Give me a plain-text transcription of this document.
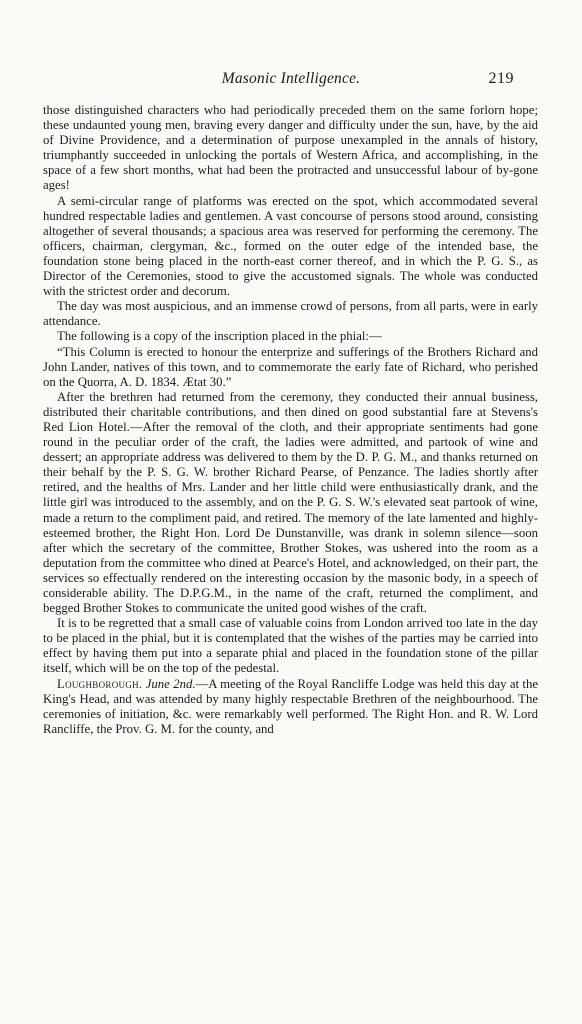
Masonic Intelligence.	219

those distinguished characters who had periodically preceded them on the same forlorn hope; these undaunted young men, braving every danger and difficulty under the sun, have, by the aid of Divine Providence, and a determination of purpose unexampled in the annals of history, triumphantly succeeded in unlocking the portals of Western Africa, and accomplishing, in the space of a few short months, what had been the protracted and unsuccessful labour of by-gone ages!

A semi-circular range of platforms was erected on the spot, which accommodated several hundred respectable ladies and gentlemen. A vast concourse of persons stood around, consisting altogether of several thousands; a spacious area was reserved for performing the ceremony. The officers, chairman, clergyman, &c., formed on the outer edge of the intended base, the foundation stone being placed in the north-east corner thereof, and in which the P. G. S., as Director of the Ceremonies, stood to give the accustomed signals. The whole was conducted with the strictest order and decorum.

The day was most auspicious, and an immense crowd of persons, from all parts, were in early attendance.

The following is a copy of the inscription placed in the phial:—

“This Column is erected to honour the enterprize and sufferings of the Brothers Richard and John Lander, natives of this town, and to commemorate the early fate of Richard, who perished on the Quorra, A. D. 1834. Ætat 30.”

After the brethren had returned from the ceremony, they conducted their annual business, distributed their charitable contributions, and then dined on good substantial fare at Stevens's Red Lion Hotel.—After the removal of the cloth, and their appropriate sentiments had gone round in the peculiar order of the craft, the ladies were admitted, and partook of wine and dessert; an appropriate address was delivered to them by the D. P. G. M., and thanks returned on their behalf by the P. S. G. W. brother Richard Pearse, of Penzance. The ladies shortly after retired, and the healths of Mrs. Lander and her little child were enthusiastically drank, and the little girl was introduced to the assembly, and on the P. G. S. W.'s elevated seat partook of wine, made a return to the compliment paid, and retired. The memory of the late lamented and highly-esteemed brother, the Right Hon. Lord De Dunstanville, was drank in solemn silence—soon after which the secretary of the committee, Brother Stokes, was ushered into the room as a deputation from the committee who dined at Pearce's Hotel, and acknowledged, on their part, the services so effectually rendered on the interesting occasion by the masonic body, in a speech of considerable ability. The D.P.G.M., in the name of the craft, returned the compliment, and begged Brother Stokes to communicate the united good wishes of the craft.

It is to be regretted that a small case of valuable coins from London arrived too late in the day to be placed in the phial, but it is contemplated that the wishes of the parties may be carried into effect by having them put into a separate phial and placed in the foundation stone of the pillar itself, which will be on the top of the pedestal.

Loughborough. June 2nd.—A meeting of the Royal Rancliffe Lodge was held this day at the King's Head, and was attended by many highly respectable Brethren of the neighbourhood. The ceremonies of initiation, &c. were remarkably well performed. The Right Hon. and R. W. Lord Rancliffe, the Prov. G. M. for the county, and
